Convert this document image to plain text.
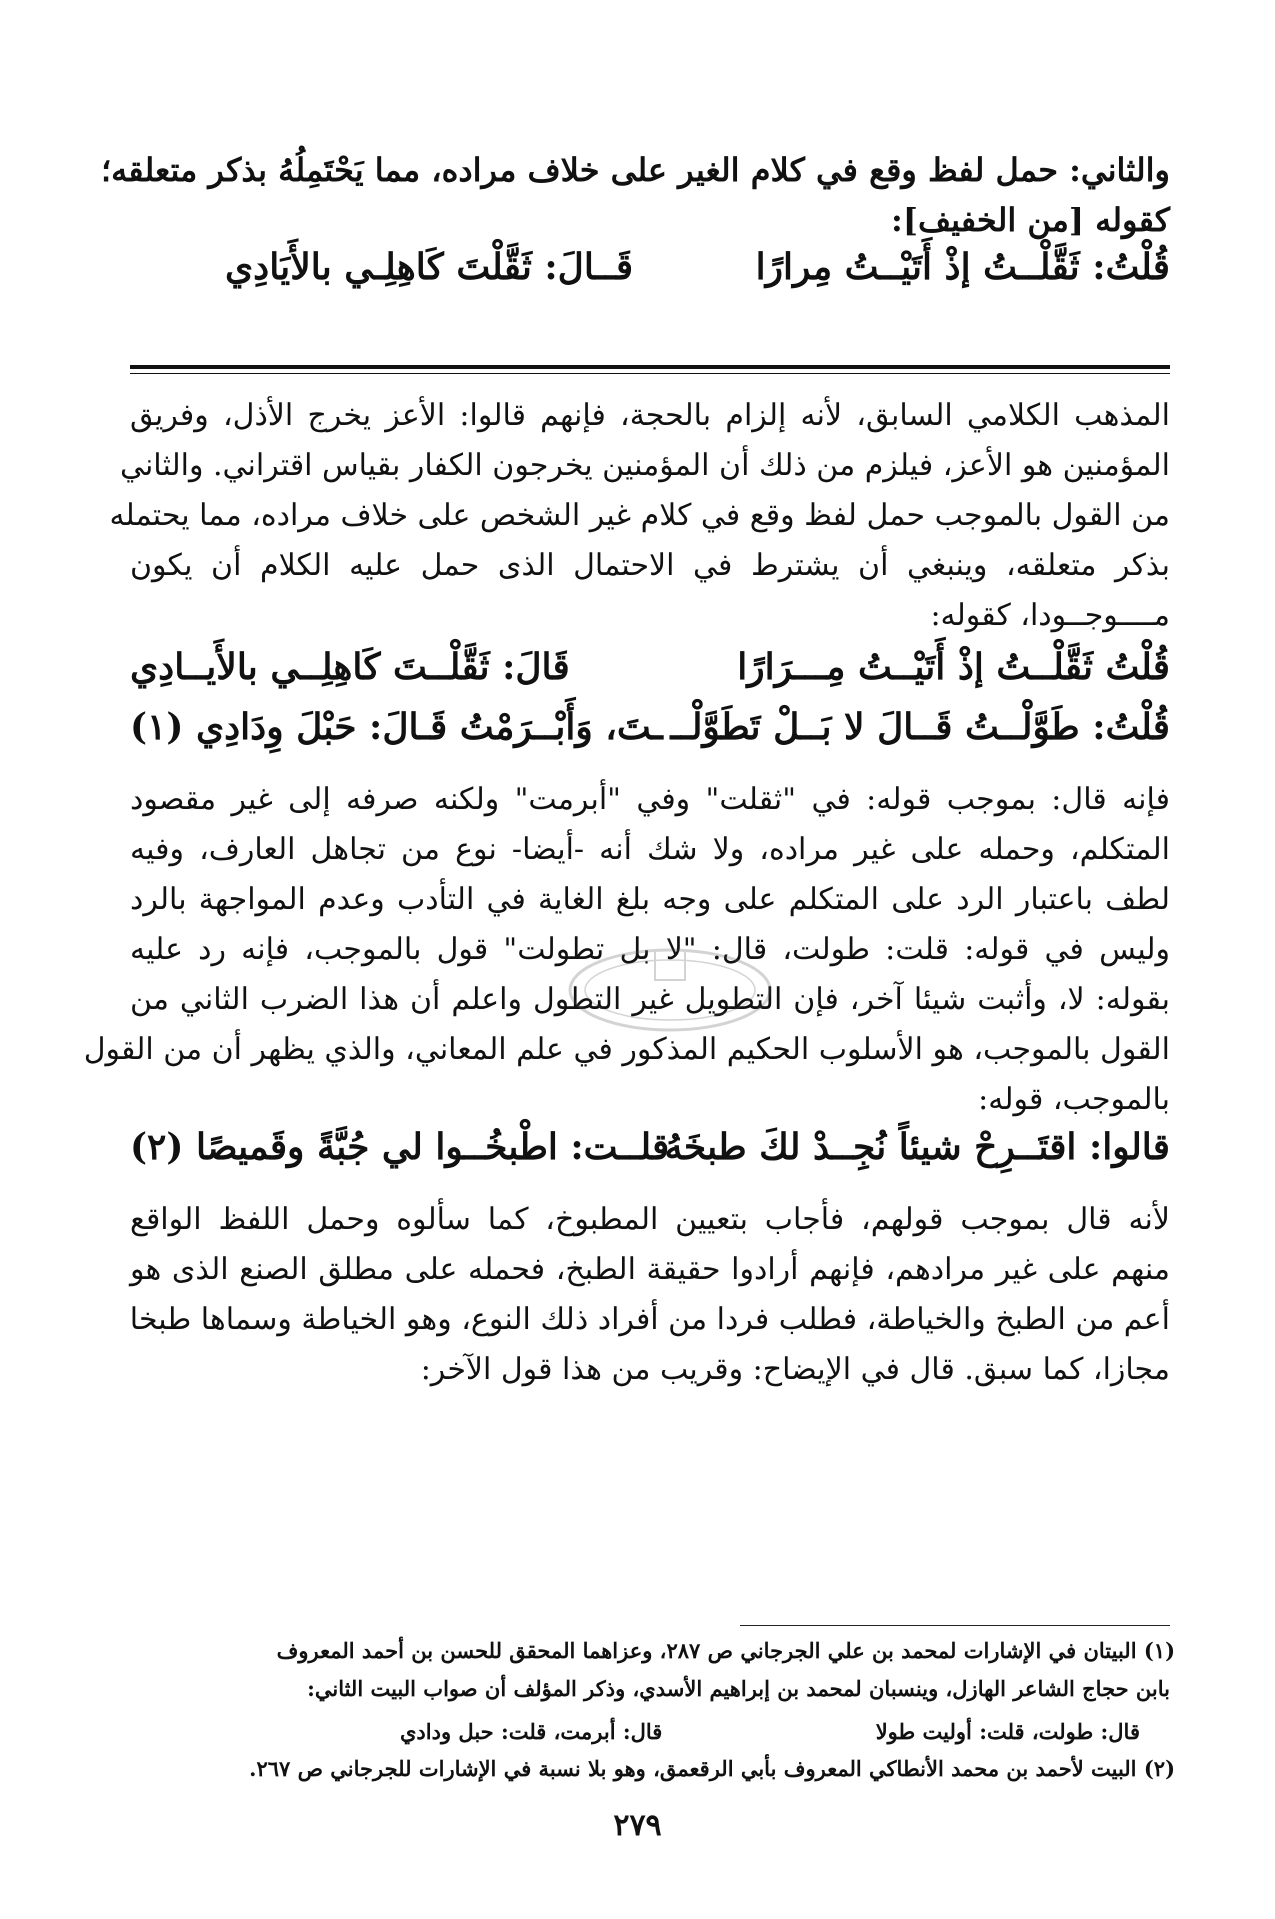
والثاني: حمل لفظ وقع في كلام الغير على خلاف مراده، مما يَحْتَمِلُهُ بذكر متعلقه؛
كقوله [من الخفيف]:
قُلْتُ: ثَقَّلْــتُ إذْ أَتَيْــتُ مِرارًا
قَــالَ: ثَقَّلْتَ كَاهِلِـي بالأَيَادِي
المذهب الكلامي السابق، لأنه إلزام بالحجة، فإنهم قالوا: الأعز يخرج الأذل، وفريق
المؤمنين هو الأعز، فيلزم من ذلك أن المؤمنين يخرجون الكفار بقياس اقتراني. والثاني
من القول بالموجب حمل لفظ وقع في كلام غير الشخص على خلاف مراده، مما يحتمله
بذكر متعلقه، وينبغي أن يشترط في الاحتمال الذى حمل عليه الكلام أن يكون
مــــوجــودا، كقوله:
قُلْتُ ثَقَّلْــتُ إذْ أَتَيْــتُ مِـــرَارًا
قَالَ: ثَقَّلْــتَ كَاهِلِــي بالأَيــادِي
قُلْتُ: طَوَّلْــتُ قَــالَ لا بَــلْ تَطَوَّلْــ
ـتَ، وَأَبْــرَمْتُ قَـالَ: حَبْلَ وِدَادِي (١)
فإنه قال: بموجب قوله: في "ثقلت" وفي "أبرمت" ولكنه صرفه إلى غير مقصود
المتكلم، وحمله على غير مراده، ولا شك أنه -أيضا- نوع من تجاهل العارف، وفيه
لطف باعتبار الرد على المتكلم على وجه بلغ الغاية في التأدب وعدم المواجهة بالرد
وليس في قوله: قلت: طولت، قال: "لا بل تطولت" قول بالموجب، فإنه رد عليه
بقوله: لا، وأثبت شيئا آخر، فإن التطويل غير التطول واعلم أن هذا الضرب الثاني من
القول بالموجب، هو الأسلوب الحكيم المذكور في علم المعاني، والذي يظهر أن من القول
بالموجب، قوله:
قالوا: اقتَــرِحْ شيئاً نُجِــدْ لكَ طبخَهُ
قلــت: اطْبخُــوا لي جُبَّةً وقَميصًا (٢)
لأنه قال بموجب قولهم، فأجاب بتعيين المطبوخ، كما سألوه وحمل اللفظ الواقع
منهم على غير مرادهم، فإنهم أرادوا حقيقة الطبخ، فحمله على مطلق الصنع الذى هو
أعم من الطبخ والخياطة، فطلب فردا من أفراد ذلك النوع، وهو الخياطة وسماها طبخا
مجازا، كما سبق. قال في الإيضاح: وقريب من هذا قول الآخر:
(١) البيتان في الإشارات لمحمد بن علي الجرجاني ص ٢٨٧، وعزاهما المحقق للحسن بن أحمد المعروف
بابن حجاج الشاعر الهازل، وينسبان لمحمد بن إبراهيم الأسدي، وذكر المؤلف أن صواب البيت الثاني:
قال: طولت، قلت: أوليت طولا
قال: أبرمت، قلت: حبل ودادي
(٢) البيت لأحمد بن محمد الأنطاكي المعروف بأبي الرقعمق، وهو بلا نسبة في الإشارات للجرجاني ص ٢٦٧.
٢٧٩
